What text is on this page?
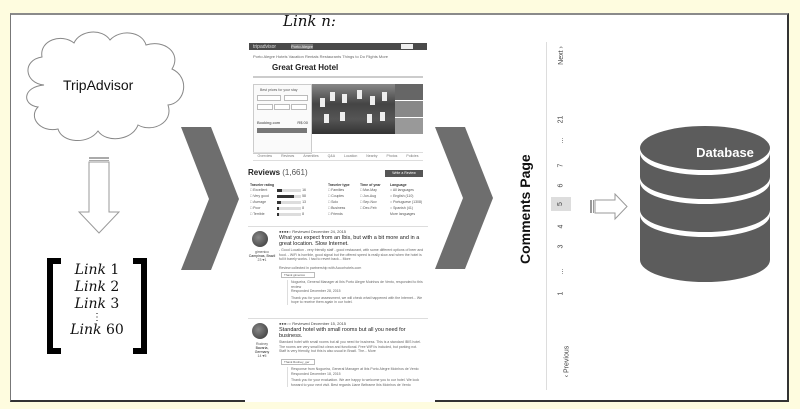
TripAdvisor
Link 1
Link 2
Link 3
⋮
Link 60
Link n:
tripadvisor	Porto Alegre
Porto Alegre Hotels Vacation Rentals Restaurants Things to Do Flights More
Great Great Hotel
Best prices for your stay
Booking.com	R$ 00
Overview	Reviews	Amenities	Q&A	Location	Nearby	Photos	Policies
Reviews (1,661)	Write a Review
Traveler rating
□ Excellent	16
□ Very good	58
□ Average	13
□ Poor	8
□ Terrible	8
Traveler type
□ Families
□ Couples
□ Solo
□ Business
□ Friends
Time of year
□ Mar-May
□ Jun-Aug
□ Sep-Nov
□ Dec-Feb
Language
○ All languages
○ English (110)
○ Portuguese (1308)
○ Spanish (41)
More languages
gimenico
Campinas, Brazil
23 ♥1
●●●●○ Reviewed December 24, 2015
What you expect from an Ibis, but with a bit more and in a great location. Slow Internet.
- Good Location - very friendly staff - good restaurant, with some different options of beer and food. - WiFi is horrible, good signal but the offered speed is really slow and when the hotel is full it barely works. I had to revert back... More
Review collected in partnership with Accorhotels.com
Thank gimenico
Nogueira, General Manager at Ibis Porto Alegre Moinhos de Vento, responded to this review
Responded December 28, 2015
Thank you for your assessment, we will check what happened with the Internet... We hope to receive them again in our hotel.
Rodney
Bavaria, Germany
14 ♥5
●●●○○ Reviewed December 15, 2015
Standard hotel with small rooms but all you need for business.
Standard hotel with small rooms but all you need for business. This is a standard IBIS hotel. The rooms are very small but clean and functional. Free WiFi is included, but parking not. Staff is very friendly, but this is also usual in Brazil. The... More
Thank Rodney_ger
Response from Nogueira, General Manager at Ibis Porto Alegre Moinhos de Vento
Responded December 18, 2015
Thank you for your evaluation. We are happy to welcome you to our hotel. We look forward to your next visit. Best regards Liane Beltrame Ibis Moinhos de Vento
Comments Page
Next ›
21
…
7
6
5
4
3
…
1
‹ Previous
Database
